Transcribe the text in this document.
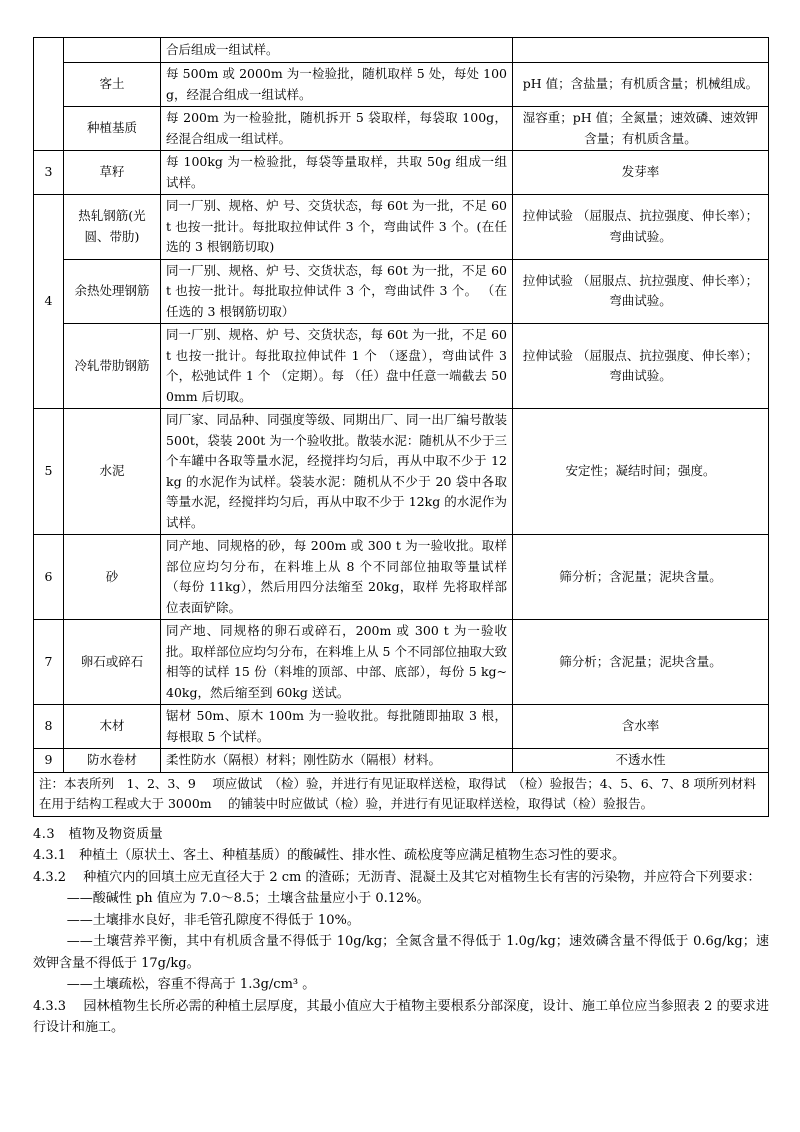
		合后组成一组试样。	
	客土	每 500m 或 2000m 为一检验批，随机取样 5 处，每处 100g，经混合组成一组试样。	pH 值；含盐量；有机质含量；机械组成。
	种植基质	每 200m 为一检验批，随机拆开 5 袋取样，每袋取 100g，经混合组成一组试样。	湿容重；pH 值；全氮量；速效磷、速效钾含量；有机质含量。
3	草籽	每 100kg 为一检验批，每袋等量取样，共取 50g 组成一组试样。	发芽率
4	热轧钢筋(光圆、带肋)	同一厂别、规格、炉 号、交货状态，每 60t 为一批，不足 60t 也按一批计。每批取拉伸试件 3 个，弯曲试件 3 个。(在任选的 3 根钢筋切取)	拉伸试验 （屈服点、抗拉强度、伸长率）；弯曲试验。
	余热处理钢筋	同一厂别、规格、炉 号、交货状态，每 60t 为一批，不足 60t 也按一批计。每批取拉伸试件 3 个，弯曲试件 3 个。 （在任选的 3 根钢筋切取）	拉伸试验 （屈服点、抗拉强度、伸长率）；弯曲试验。
	冷轧带肋钢筋	同一厂别、规格、炉 号、交货状态，每 60t 为一批，不足 60t 也按一批计。每批取拉伸试件 1 个 （逐盘），弯曲试件 3 个，松弛试件 1 个 （定期）。每 （任）盘中任意一端截去 500mm 后切取。	拉伸试验 （屈服点、抗拉强度、伸长率）；弯曲试验。
5	水泥	同厂家、同品种、同强度等级、同期出厂、同一出厂编号散装 500t，袋装 200t 为一个验收批。散装水泥：随机从不少于三个车罐中各取等量水泥，经搅拌均匀后，再从中取不少于 12 kg 的水泥作为试样。袋装水泥：随机从不少于 20 袋中各取等量水泥，经搅拌均匀后，再从中取不少于 12kg 的水泥作为试样。	安定性；凝结时间；强度。
6	砂	同产地、同规格的砂，每 200m 或 300 t 为一验收批。取样部位应均匀分布，在料堆上从 8 个不同部位抽取等量试样 （每份 11kg），然后用四分法缩至 20kg，取样 先将取样部位表面铲除。	筛分析；含泥量；泥块含量。
7	卵石或碎石	同产地、同规格的卵石或碎石，200m 或 300 t 为一验收批。取样部位应均匀分布，在料堆上从 5 个不同部位抽取大致相等的试样 15 份（料堆的顶部、中部、底部），每份 5 kg~40kg，然后缩至到 60kg 送试。	筛分析；含泥量；泥块含量。
8	木材	锯材 50m、原木 100m 为一验收批。每批随即抽取 3 根，每根取 5 个试样。	含水率
9	防水卷材	柔性防水（隔根）材料；刚性防水（隔根）材料。	不透水性
注：本表所列　1、2、3、9　 项应做试　（检）验，并进行有见证取样送检，取得试　（检）验报告；4、5、6、7、8 项所列材料在用于结构工程或大于 3000m　 的铺装中时应做试（检）验，并进行有见证取样送检，取得试（检）验报告。			

4.3　植物及物资质量

4.3.1　种植土（原状土、客土、种植基质）的酸碱性、排水性、疏松度等应满足植物生态习性的要求。

4.3.2　 种植穴内的回填土应无直径大于 2 cm 的渣砾；无沥青、混凝土及其它对植物生长有害的污染物，并应符合下列要求：

——酸碱性 ph 值应为 7.0～8.5；土壤含盐量应小于 0.12%。

——土壤排水良好，非毛管孔隙度不得低于 10%。

——土壤营养平衡，其中有机质含量不得低于 10g/kg；全氮含量不得低于 1.0g/kg；速效磷含量不得低于 0.6g/kg；速效钾含量不得低于 17g/kg。

——土壤疏松，容重不得高于 1.3g/cm³ 。

4.3.3　 园林植物生长所必需的种植土层厚度，其最小值应大于植物主要根系分部深度，设计、施工单位应当参照表 2 的要求进行设计和施工。
